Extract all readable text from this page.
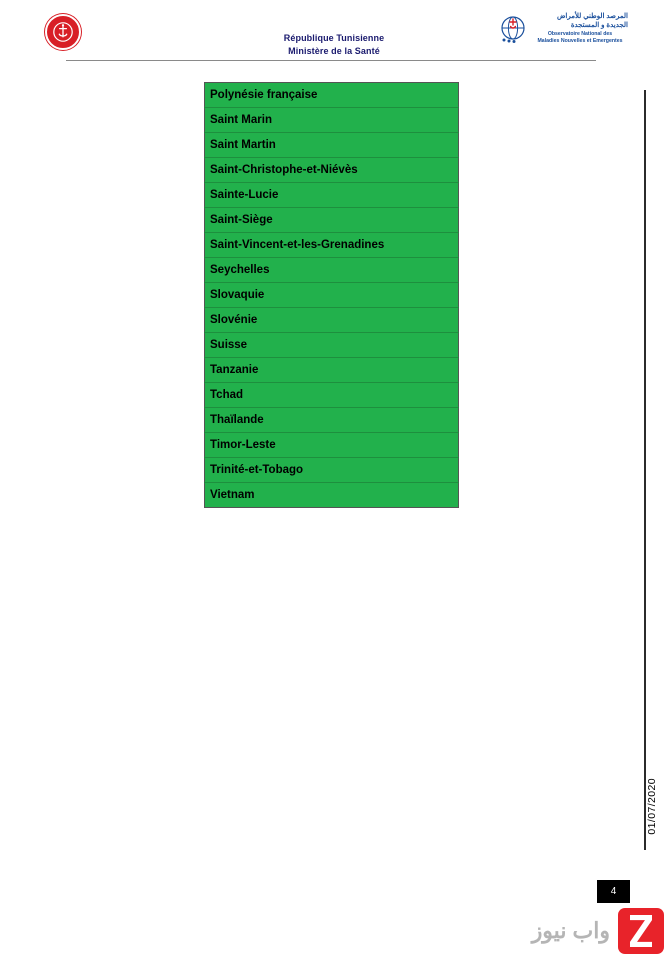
République Tunisienne
Ministère de la Santé
المرصد الوطني للأمراض
الجديدة و المستجدة
Observatoire National des
Maladies Nouvelles et Emergentes
Polynésie française
Saint Marin
Saint Martin
Saint-Christophe-et-Niévès
Sainte-Lucie
Saint-Siège
Saint-Vincent-et-les-Grenadines
Seychelles
Slovaquie
Slovénie
Suisse
Tanzanie
Tchad
Thaïlande
Timor-Leste
Trinité-et-Tobago
Vietnam
01/07/2020
4
واب نيوز
